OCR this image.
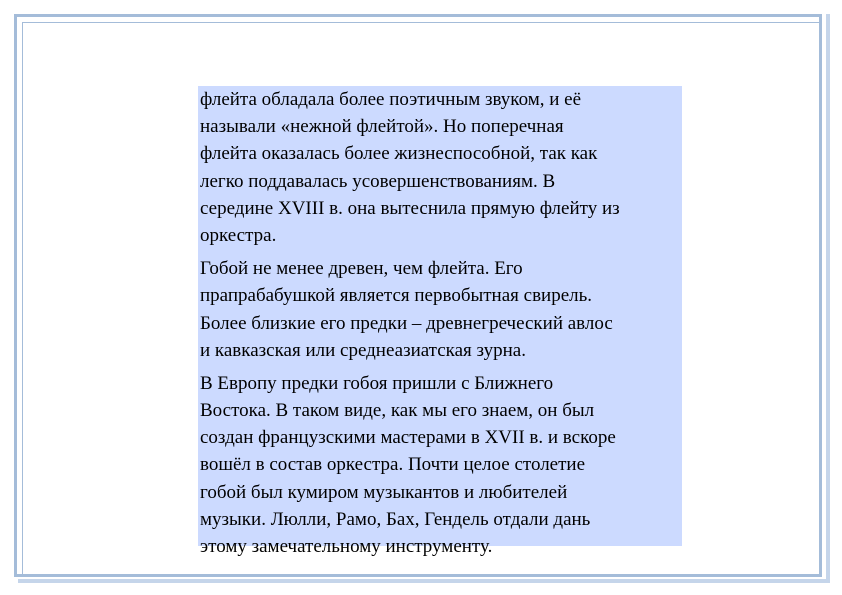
флейта обладала более поэтичным звуком, и её
называли «нежной флейтой». Но поперечная
флейта оказалась более жизнеспособной, так как
легко поддавалась усовершенствованиям. В
середине XVIII в. она вытеснила прямую флейту из
оркестра.

Гобой не менее древен, чем флейта. Его
прапрабабушкой является первобытная свирель.
Более близкие его предки – древнегреческий авлос
и кавказская или среднеазиатская зурна.

В Европу предки гобоя пришли с Ближнего
Востока. В таком виде, как мы его знаем, он был
создан французскими мастерами в XVII в. и вскоре
вошёл в состав оркестра. Почти целое столетие
гобой был кумиром музыкантов и любителей
музыки. Люлли, Рамо, Бах, Гендель отдали дань
этому замечательному инструменту.
